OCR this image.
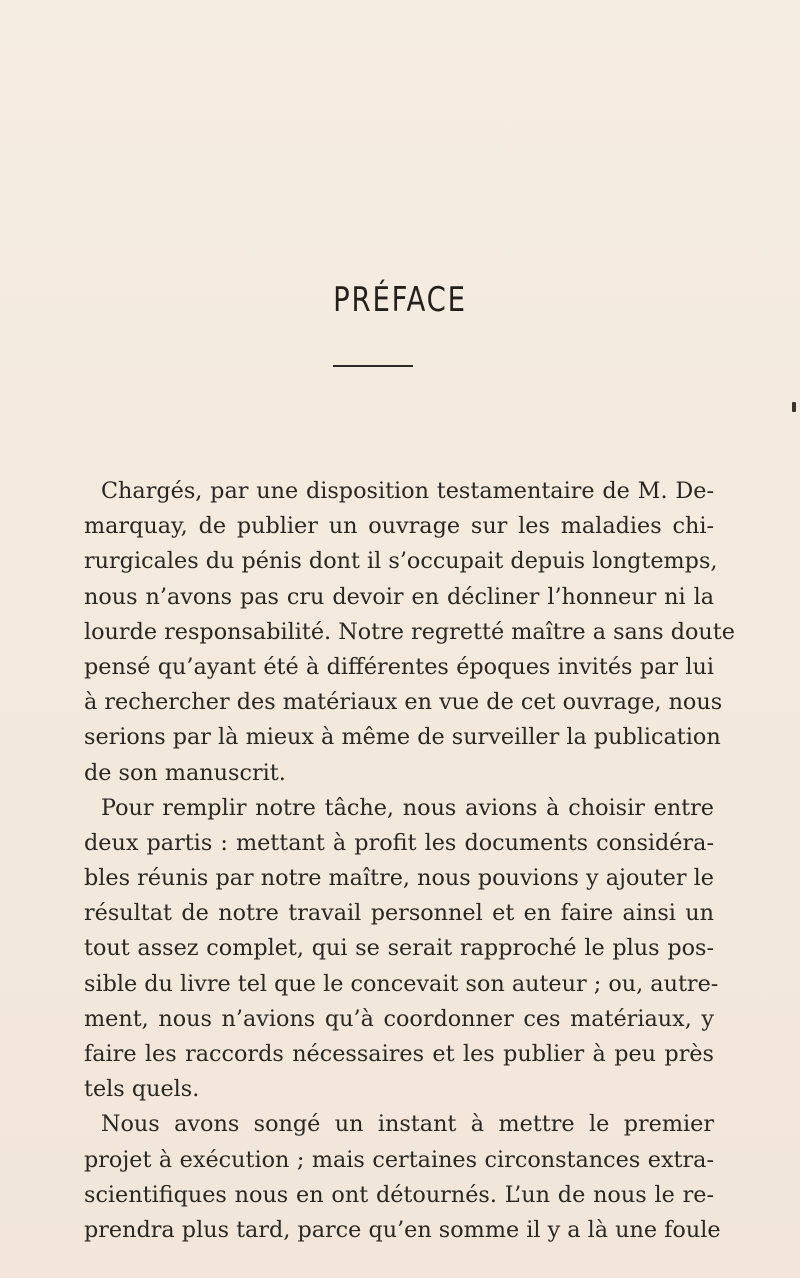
PRÉFACE
Chargés, par une disposition testamentaire de M. De-
marquay, de publier un ouvrage sur les maladies chi-
rurgicales du pénis dont il s’occupait depuis longtemps,
nous n’avons pas cru devoir en décliner l’honneur ni la
lourde responsabilité. Notre regretté maître a sans doute
pensé qu’ayant été à différentes époques invités par lui
à rechercher des matériaux en vue de cet ouvrage, nous
serions par là mieux à même de surveiller la publication
de son manuscrit.
Pour remplir notre tâche, nous avions à choisir entre
deux partis : mettant à profit les documents considéra-
bles réunis par notre maître, nous pouvions y ajouter le
résultat de notre travail personnel et en faire ainsi un
tout assez complet, qui se serait rapproché le plus pos-
sible du livre tel que le concevait son auteur ; ou, autre-
ment, nous n’avions qu’à coordonner ces matériaux, y
faire les raccords nécessaires et les publier à peu près
tels quels.
Nous avons songé un instant à mettre le premier
projet à exécution ; mais certaines circonstances extra-
scientifiques nous en ont détournés. L’un de nous le re-
prendra plus tard, parce qu’en somme il y a là une foule
